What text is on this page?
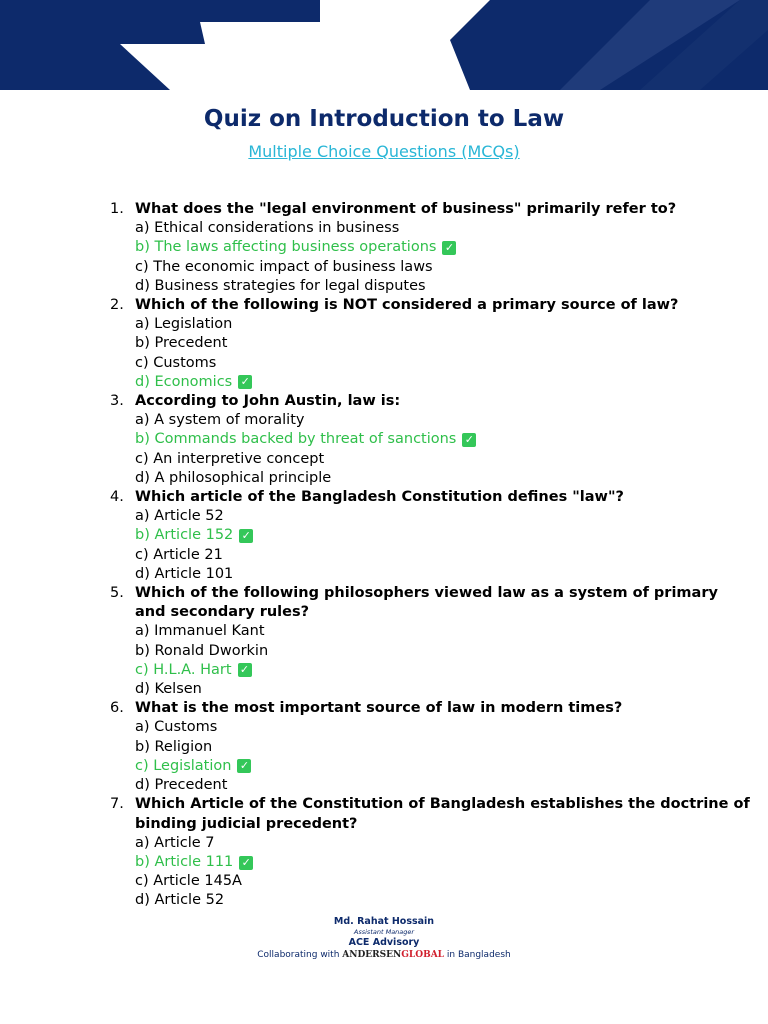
Quiz on Introduction to Law
Multiple Choice Questions (MCQs)
1. What does the "legal environment of business" primarily refer to?
a) Ethical considerations in business
b) The laws affecting business operations ✓
c) The economic impact of business laws
d) Business strategies for legal disputes
2. Which of the following is NOT considered a primary source of law?
a) Legislation
b) Precedent
c) Customs
d) Economics ✓
3. According to John Austin, law is:
a) A system of morality
b) Commands backed by threat of sanctions ✓
c) An interpretive concept
d) A philosophical principle
4. Which article of the Bangladesh Constitution defines "law"?
a) Article 52
b) Article 152 ✓
c) Article 21
d) Article 101
5. Which of the following philosophers viewed law as a system of primary and secondary rules?
a) Immanuel Kant
b) Ronald Dworkin
c) H.L.A. Hart ✓
d) Kelsen
6. What is the most important source of law in modern times?
a) Customs
b) Religion
c) Legislation ✓
d) Precedent
7. Which Article of the Constitution of Bangladesh establishes the doctrine of binding judicial precedent?
a) Article 7
b) Article 111 ✓
c) Article 145A
d) Article 52
Md. Rahat Hossain
Assistant Manager
ACE Advisory
Collaborating with ANDERSENGLOBAL in Bangladesh
